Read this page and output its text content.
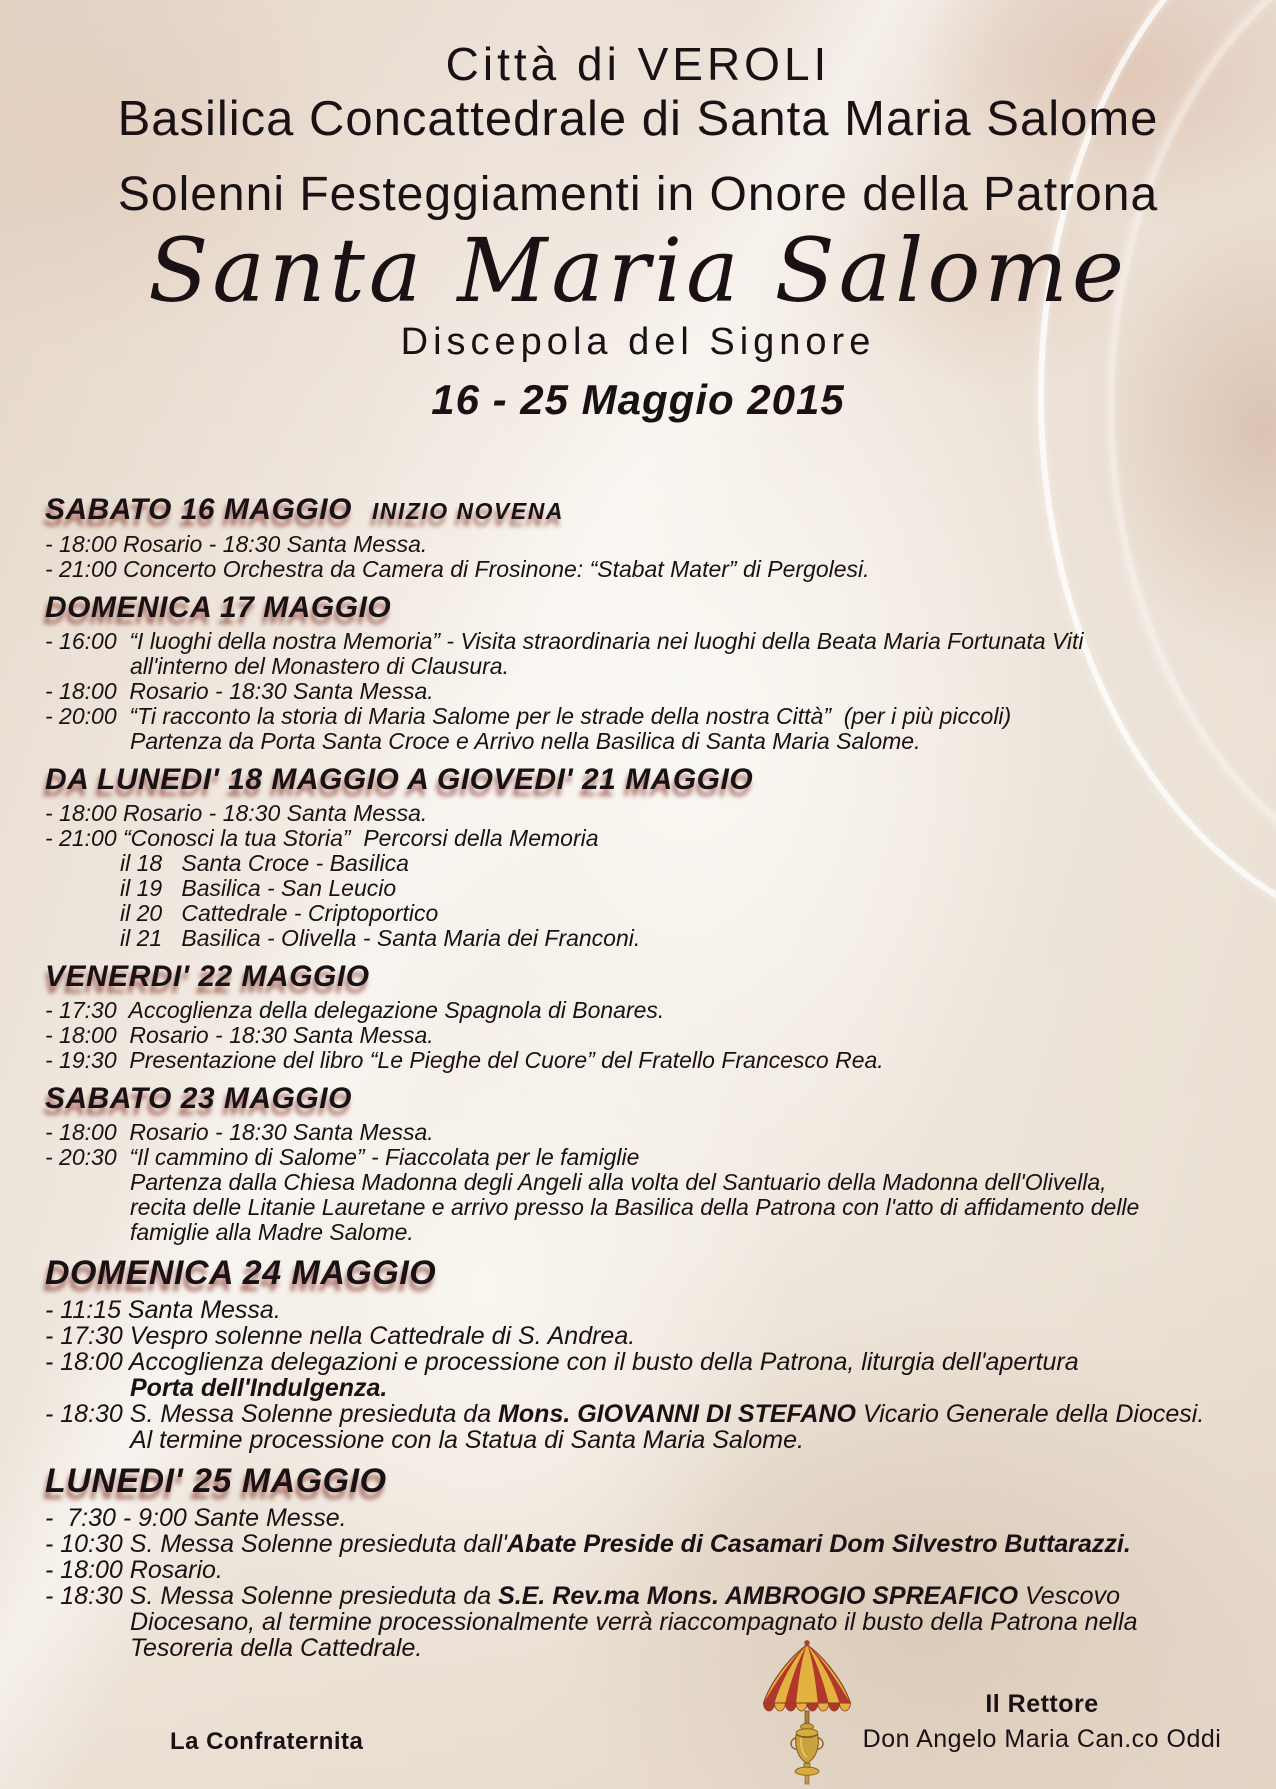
Città di VEROLI
Basilica Concattedrale di Santa Maria Salome
Solenni Festeggiamenti in Onore della Patrona
Santa Maria Salome
Discepola del Signore
16 - 25 Maggio 2015
SABATO 16 MAGGIO INIZIO NOVENA
- 18:00 Rosario - 18:30 Santa Messa.
- 21:00 Concerto Orchestra da Camera di Frosinone: “Stabat Mater” di Pergolesi.
DOMENICA 17 MAGGIO
- 16:00  “I luoghi della nostra Memoria” - Visita straordinaria nei luoghi della Beata Maria Fortunata Viti
all'interno del Monastero di Clausura.
- 18:00  Rosario - 18:30 Santa Messa.
- 20:00  “Ti racconto la storia di Maria Salome per le strade della nostra Città”  (per i più piccoli)
Partenza da Porta Santa Croce e Arrivo nella Basilica di Santa Maria Salome.
DA LUNEDI' 18 MAGGIO A GIOVEDI' 21 MAGGIO
- 18:00 Rosario - 18:30 Santa Messa.
- 21:00 “Conosci la tua Storia”  Percorsi della Memoria
il 18   Santa Croce - Basilica
il 19   Basilica - San Leucio
il 20   Cattedrale - Criptoportico
il 21   Basilica - Olivella - Santa Maria dei Franconi.
VENERDI' 22 MAGGIO
- 17:30  Accoglienza della delegazione Spagnola di Bonares.
- 18:00  Rosario - 18:30 Santa Messa.
- 19:30  Presentazione del libro “Le Pieghe del Cuore” del Fratello Francesco Rea.
SABATO 23 MAGGIO
- 18:00  Rosario - 18:30 Santa Messa.
- 20:30  “Il cammino di Salome” - Fiaccolata per le famiglie
Partenza dalla Chiesa Madonna degli Angeli alla volta del Santuario della Madonna dell'Olivella,
recita delle Litanie Lauretane e arrivo presso la Basilica della Patrona con l'atto di affidamento delle
famiglie alla Madre Salome.
DOMENICA 24 MAGGIO
- 11:15 Santa Messa.
- 17:30 Vespro solenne nella Cattedrale di S. Andrea.
- 18:00 Accoglienza delegazioni e processione con il busto della Patrona, liturgia dell'apertura
Porta dell'Indulgenza.
- 18:30 S. Messa Solenne presieduta da Mons. GIOVANNI DI STEFANO Vicario Generale della Diocesi.
Al termine processione con la Statua di Santa Maria Salome.
LUNEDI' 25 MAGGIO
-  7:30 - 9:00 Sante Messe.
- 10:30 S. Messa Solenne presieduta dall'Abate Preside di Casamari Dom Silvestro Buttarazzi.
- 18:00 Rosario.
- 18:30 S. Messa Solenne presieduta da S.E. Rev.ma Mons. AMBROGIO SPREAFICO Vescovo
Diocesano, al termine processionalmente verrà riaccompagnato il busto della Patrona nella
Tesoreria della Cattedrale.
La Confraternita
Il Rettore
Don Angelo Maria Can.co Oddi
